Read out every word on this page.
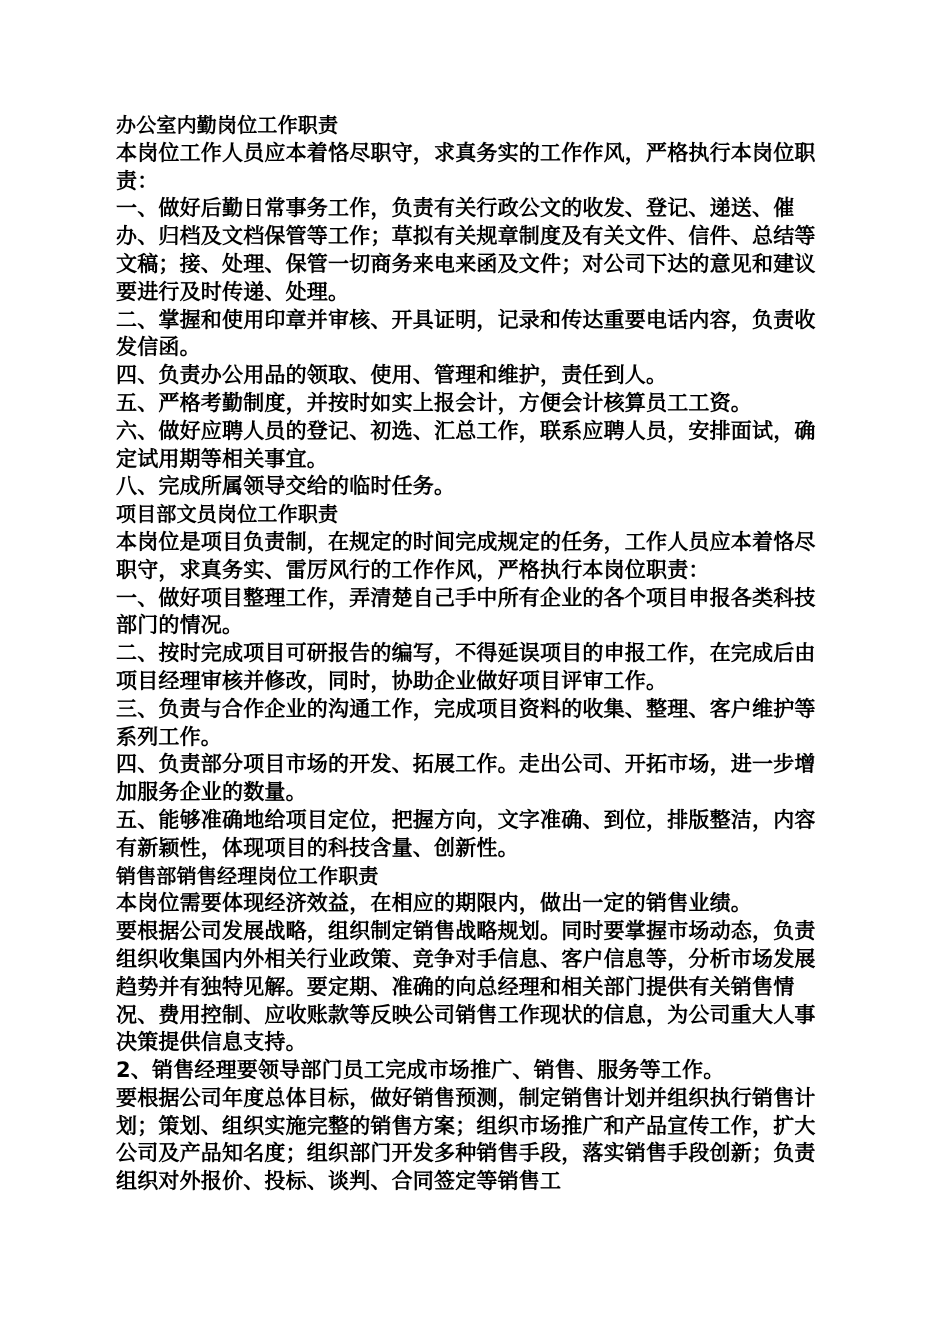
办公室内勤岗位工作职责

本岗位工作人员应本着恪尽职守，求真务实的工作作风，严格执行本岗位职责：

一、做好后勤日常事务工作，负责有关行政公文的收发、登记、递送、催办、归档及文档保管等工作；草拟有关规章制度及有关文件、信件、总结等文稿；接、处理、保管一切商务来电来函及文件；对公司下达的意见和建议要进行及时传递、处理。

二、掌握和使用印章并审核、开具证明，记录和传达重要电话内容，负责收发信函。

四、负责办公用品的领取、使用、管理和维护，责任到人。

五、严格考勤制度，并按时如实上报会计，方便会计核算员工工资。

六、做好应聘人员的登记、初选、汇总工作，联系应聘人员，安排面试，确定试用期等相关事宜。

八、完成所属领导交给的临时任务。

项目部文员岗位工作职责

本岗位是项目负责制，在规定的时间完成规定的任务，工作人员应本着恪尽职守，求真务实、雷厉风行的工作作风，严格执行本岗位职责：

一、做好项目整理工作，弄清楚自己手中所有企业的各个项目申报各类科技部门的情况。

二、按时完成项目可研报告的编写，不得延误项目的申报工作，在完成后由项目经理审核并修改，同时，协助企业做好项目评审工作。

三、负责与合作企业的沟通工作，完成项目资料的收集、整理、客户维护等系列工作。

四、负责部分项目市场的开发、拓展工作。走出公司、开拓市场，进一步增加服务企业的数量。

五、能够准确地给项目定位，把握方向，文字准确、到位，排版整洁，内容有新颖性，体现项目的科技含量、创新性。

销售部销售经理岗位工作职责

本岗位需要体现经济效益，在相应的期限内，做出一定的销售业绩。

要根据公司发展战略，组织制定销售战略规划。同时要掌握市场动态，负责组织收集国内外相关行业政策、竞争对手信息、客户信息等，分析市场发展趋势并有独特见解。要定期、准确的向总经理和相关部门提供有关销售情况、费用控制、应收账款等反映公司销售工作现状的信息，为公司重大人事决策提供信息支持。

2、销售经理要领导部门员工完成市场推广、销售、服务等工作。

要根据公司年度总体目标，做好销售预测，制定销售计划并组织执行销售计划；策划、组织实施完整的销售方案；组织市场推广和产品宣传工作，扩大公司及产品知名度；组织部门开发多种销售手段，落实销售手段创新；负责组织对外报价、投标、谈判、合同签定等销售工
